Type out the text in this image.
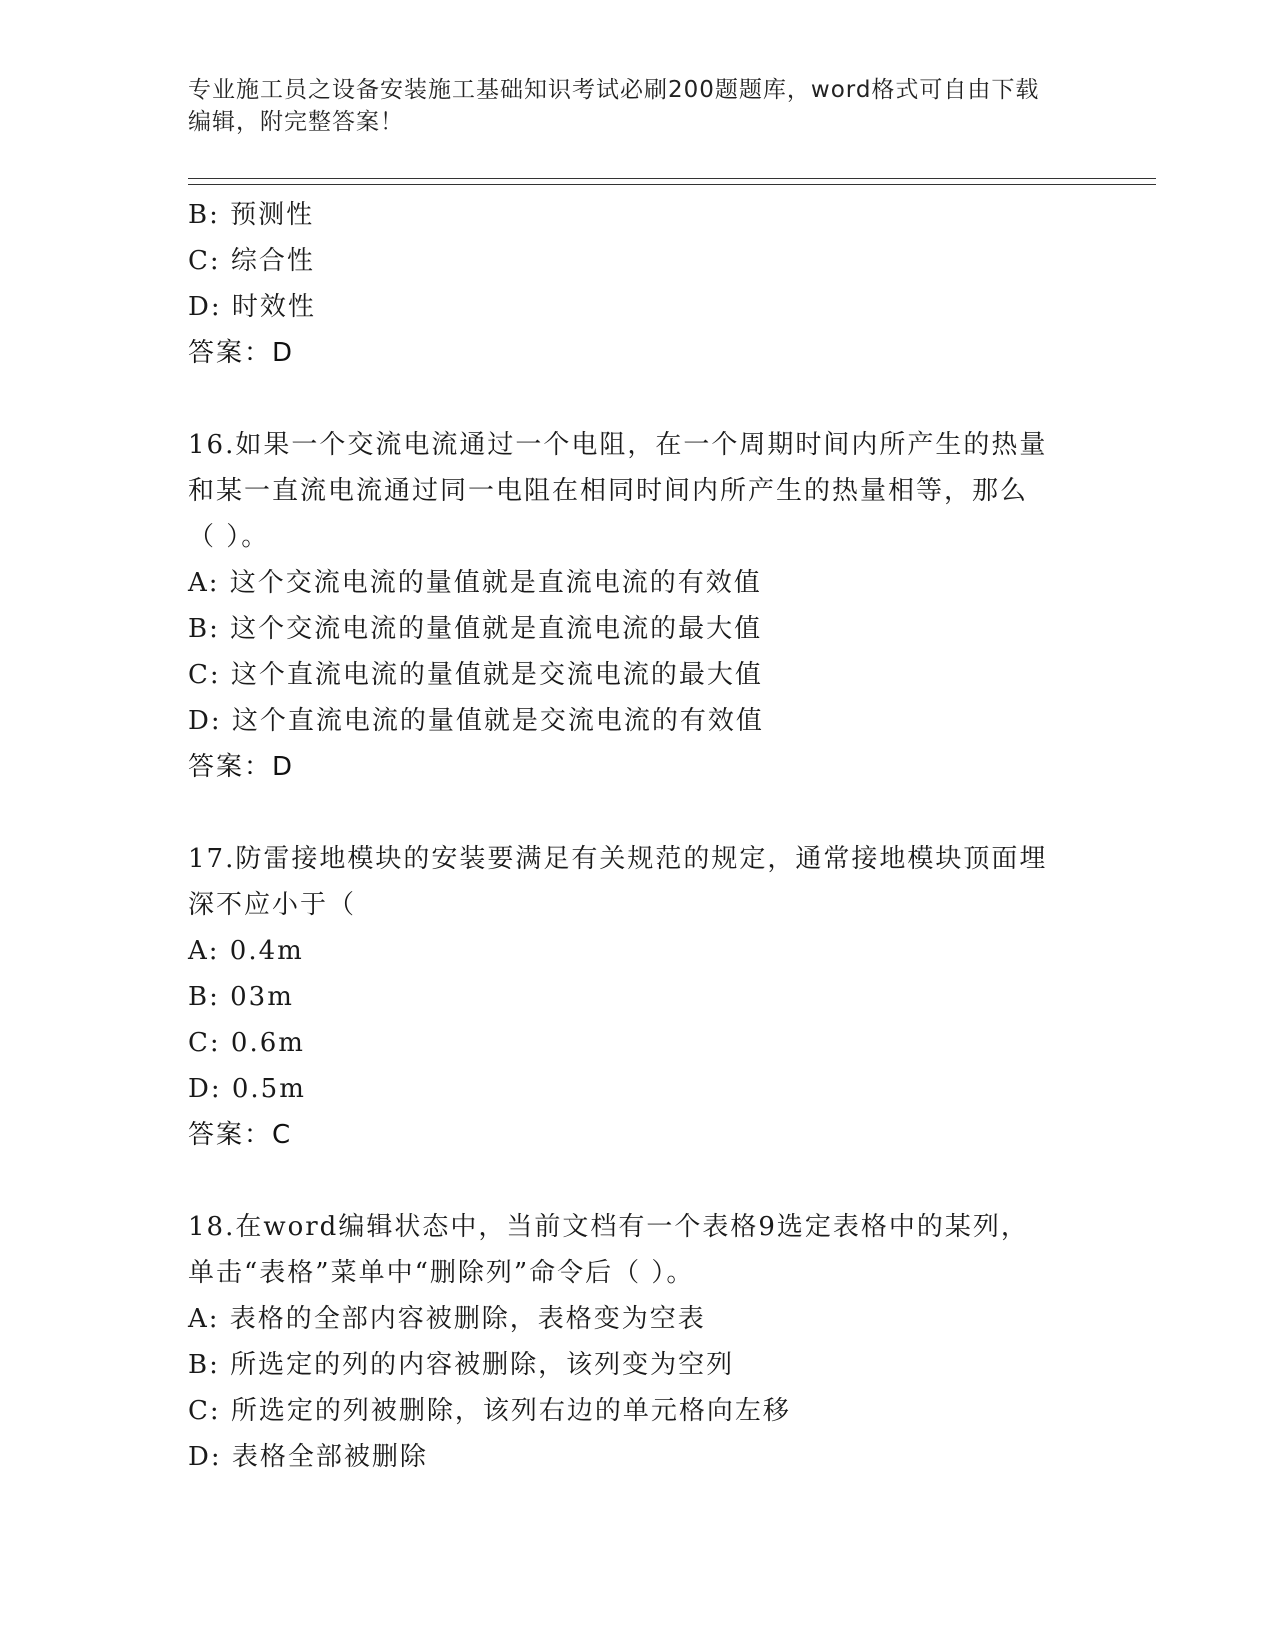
专业施工员之设备安装施工基础知识考试必刷200题题库，word格式可自由下载
编辑，附完整答案！
B: 预测性
C: 综合性
D: 时效性
答案：D
16.如果一个交流电流通过一个电阻，在一个周期时间内所产生的热量
和某一直流电流通过同一电阻在相同时间内所产生的热量相等，那么
（ ）。
A: 这个交流电流的量值就是直流电流的有效值
B: 这个交流电流的量值就是直流电流的最大值
C: 这个直流电流的量值就是交流电流的最大值
D: 这个直流电流的量值就是交流电流的有效值
答案：D
17.防雷接地模块的安装要满足有关规范的规定，通常接地模块顶面埋
深不应小于（
A: 0.4m
B: 03m
C: 0.6m
D: 0.5m
答案：C
18.在word编辑状态中，当前文档有一个表格9选定表格中的某列，
单击“表格”菜单中“删除列”命令后（ ）。
A: 表格的全部内容被删除，表格变为空表
B: 所选定的列的内容被删除，该列变为空列
C: 所选定的列被删除，该列右边的单元格向左移
D: 表格全部被删除
